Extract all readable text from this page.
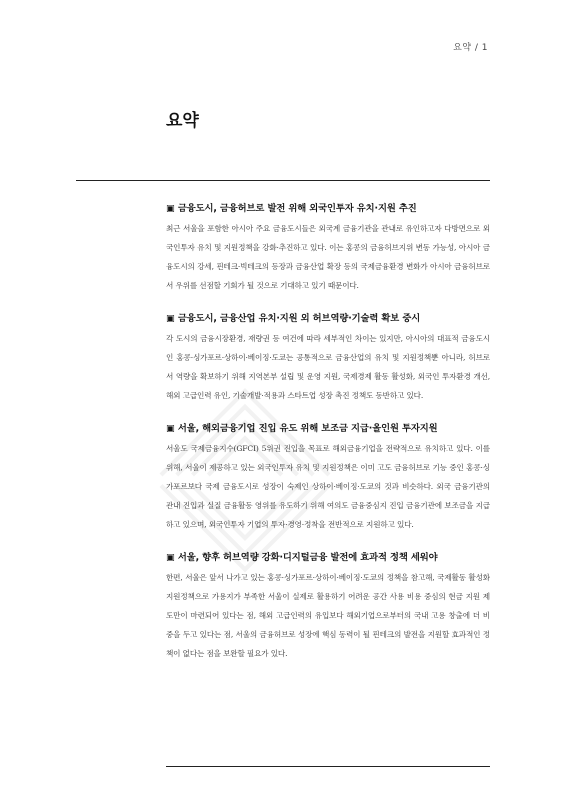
요약 / 1
요약
▣ 금융도시, 금융허브로 발전 위해 외국인투자 유치·지원 추진

최근 서울을 포함한 아시아 주요 금융도시들은 외국계 금융기관을 관내로 유인하고자 다방면으로 외국인투자 유치 및 지원정책을 강화·추진하고 있다. 이는 홍콩의 금융허브지위 변동 가능성, 아시아 금융도시의 강세, 핀테크·빅테크의 등장과 금융산업 확장 등의 국제금융환경 변화가 아시아 금융허브로서 우위를 선점할 기회가 될 것으로 기대하고 있기 때문이다.

▣ 금융도시, 금융산업 유치·지원 외 허브역량·기술력 확보 중시

각 도시의 금융시장환경, 재량권 등 여건에 따라 세부적인 차이는 있지만, 아시아의 대표적 금융도시인 홍콩·싱가포르·상하이·베이징·도쿄는 공통적으로 금융산업의 유치 및 지원정책뿐 아니라, 허브로서 역량을 확보하기 위해 지역본부 설립 및 운영 지원, 국제경제 활동 활성화, 외국인 투자환경 개선, 해외 고급인력 유인, 기술개발·적용과 스타트업 성장 촉진 정책도 동반하고 있다.

▣ 서울, 해외금융기업 진입 유도 위해 보조금 지급·올인원 투자지원

서울도 국제금융지수(GFCI) 5위권 진입을 목표로 해외금융기업을 전략적으로 유치하고 있다. 이를 위해, 서울이 제공하고 있는 외국인투자 유치 및 지원정책은 이미 고도 금융허브로 기능 중인 홍콩·싱가포르보다 국제 금융도시로 성장이 숙제인 상하이·베이징·도쿄의 것과 비슷하다. 외국 금융기관의 관내 진입과 실질 금융활동 영위를 유도하기 위해 여의도 금융중심지 진입 금융기관에 보조금을 지급하고 있으며, 외국인투자 기업의 투자·경영·정착을 전반적으로 지원하고 있다.

▣ 서울, 향후 허브역량 강화·디지털금융 발전에 효과적 정책 세워야

한편, 서울은 앞서 나가고 있는 홍콩·싱가포르·상하이·베이징·도쿄의 정책을 참고해, 국제활동 활성화 지원정책으로 가용지가 부족한 서울이 실제로 활용하기 어려운 공간 사용 비용 중심의 현금 지원 제도만이 마련되어 있다는 점, 해외 고급인력의 유입보다 해외기업으로부터의 국내 고용 창출에 더 비중을 두고 있다는 점, 서울의 금융허브로 성장에 핵심 동력이 될 핀테크의 발전을 지원할 효과적인 정책이 없다는 점을 보완할 필요가 있다.
